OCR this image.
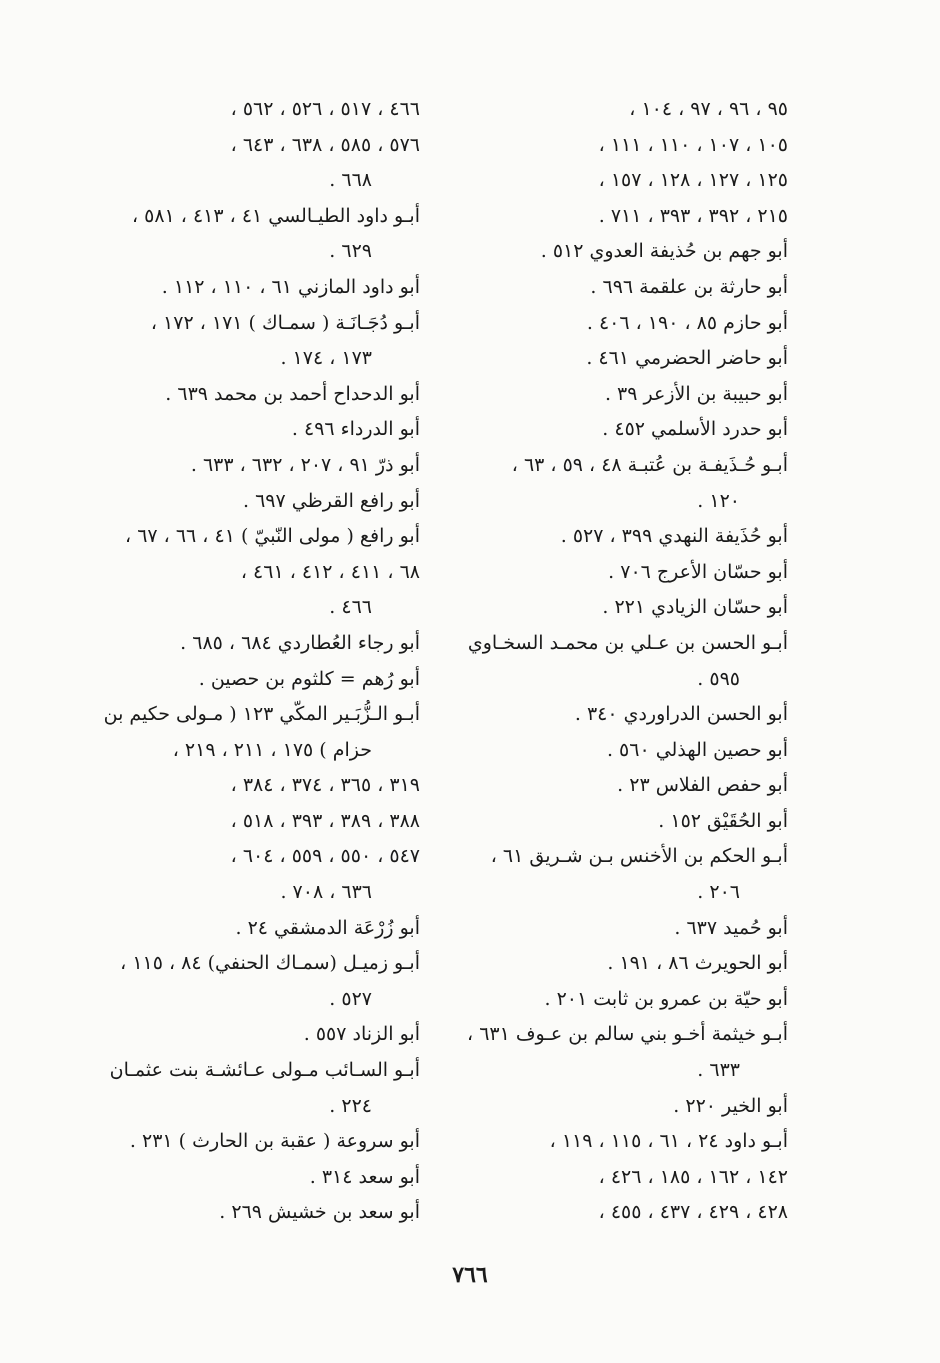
٩٥ ، ٩٦ ، ٩٧ ، ١٠٤ ،
١٠٥ ، ١٠٧ ، ١١٠ ، ١١١ ،
١٢٥ ، ١٢٧ ، ١٢٨ ، ١٥٧ ،
٢١٥ ، ٣٩٢ ، ٣٩٣ ، ٧١١ .
أبو جهم بن حُذيفة العدوي ٥١٢ .
أبو حارثة بن علقمة ٦٩٦ .
أبو حازم ٨٥ ، ١٩٠ ، ٤٠٦ .
أبو حاضر الحضرمي ٤٦١ .
أبو حبيبة بن الأزعر ٣٩ .
أبو حدرد الأسلمي ٤٥٢ .
أبـو حُـذَيفـة بن عُتبـة ٤٨ ، ٥٩ ، ٦٣ ،
١٢٠ .
أبو حُذَيفة النهدي ٣٩٩ ، ٥٢٧ .
أبو حسّان الأعرج ٧٠٦ .
أبو حسّان الزيادي ٢٢١ .
أبـو الحسن بن عـلي بن محمـد السخـاوي
٥٩٥ .
أبو الحسن الدراوردي ٣٤٠ .
أبو حصين الهذلي ٥٦٠ .
أبو حفص الفلاس ٢٣ .
أبو الحُقَيْق ١٥٢ .
أبـو الحكم بن الأخنس بـن شـريق ٦١ ،
٢٠٦ .
أبو حُميد ٦٣٧ .
أبو الحويرث ٨٦ ، ١٩١ .
أبو حيّة بن عمرو بن ثابت ٢٠١ .
أبـو خيثمة أخـو بني سالم بن عـوف ٦٣١ ،
٦٣٣ .
أبو الخير ٢٢٠ .
أبـو داود ٢٤ ، ٦١ ، ١١٥ ، ١١٩ ،
١٤٢ ، ١٦٢ ، ١٨٥ ، ٤٢٦ ،
٤٢٨ ، ٤٢٩ ، ٤٣٧ ، ٤٥٥ ،
٤٦٦ ، ٥١٧ ، ٥٢٦ ، ٥٦٢ ،
٥٧٦ ، ٥٨٥ ، ٦٣٨ ، ٦٤٣ ،
٦٦٨ .
أبـو داود الطيـالسي ٤١ ، ٤١٣ ، ٥٨١ ،
٦٢٩ .
أبو داود المازني ٦١ ، ١١٠ ، ١١٢ .
أبـو دُجَـانَـة ( سمـاك ) ١٧١ ، ١٧٢ ،
١٧٣ ، ١٧٤ .
أبو الدحداح أحمد بن محمد ٦٣٩ .
أبو الدرداء ٤٩٦ .
أبو ذرّ ٩١ ، ٢٠٧ ، ٦٣٢ ، ٦٣٣ .
أبو رافع القرظي ٦٩٧ .
أبو رافع ( مولى النّبيّ ) ٤١ ، ٦٦ ، ٦٧ ،
٦٨ ، ٤١١ ، ٤١٢ ، ٤٦١ ،
٤٦٦ .
أبو رجاء العُطاردي ٦٨٤ ، ٦٨٥ .
أبو رُهم = كلثوم بن حصين .
أبـو الـزُّبَـير المكّي ١٢٣ ( مـولى حكيم بن
حزام ) ١٧٥ ، ٢١١ ، ٢١٩ ،
٣١٩ ، ٣٦٥ ، ٣٧٤ ، ٣٨٤ ،
٣٨٨ ، ٣٨٩ ، ٣٩٣ ، ٥١٨ ،
٥٤٧ ، ٥٥٠ ، ٥٥٩ ، ٦٠٤ ،
٦٣٦ ، ٧٠٨ .
أبو زُرْعَة الدمشقي ٢٤ .
أبـو زميـل (سمـاك الحنفي) ٨٤ ، ١١٥ ،
٥٢٧ .
أبو الزناد ٥٥٧ .
أبـو السـائب مـولى عـائشـة بنت عثمـان
٢٢٤ .
أبو سروعة ( عقبة بن الحارث ) ٢٣١ .
أبو سعد ٣١٤ .
أبو سعد بن خشيش ٢٦٩ .
٧٦٦
